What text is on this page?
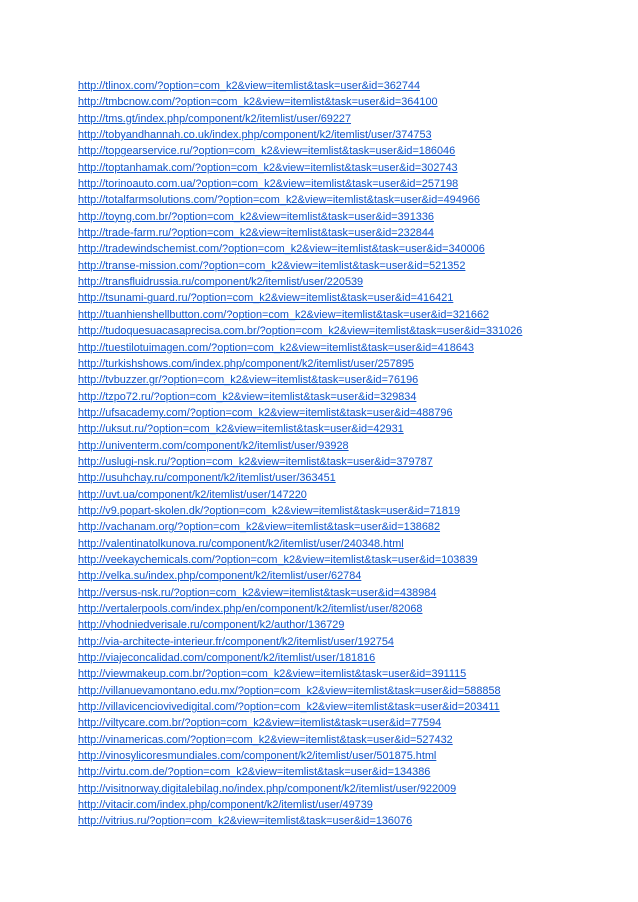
http://tlinox.com/?option=com_k2&view=itemlist&task=user&id=362744
http://tmbcnow.com/?option=com_k2&view=itemlist&task=user&id=364100
http://tms.gt/index.php/component/k2/itemlist/user/69227
http://tobyandhannah.co.uk/index.php/component/k2/itemlist/user/374753
http://topgearservice.ru/?option=com_k2&view=itemlist&task=user&id=186046
http://toptanhamak.com/?option=com_k2&view=itemlist&task=user&id=302743
http://torinoauto.com.ua/?option=com_k2&view=itemlist&task=user&id=257198
http://totalfarmsolutions.com/?option=com_k2&view=itemlist&task=user&id=494966
http://toyng.com.br/?option=com_k2&view=itemlist&task=user&id=391336
http://trade-farm.ru/?option=com_k2&view=itemlist&task=user&id=232844
http://tradewindschemist.com/?option=com_k2&view=itemlist&task=user&id=340006
http://transe-mission.com/?option=com_k2&view=itemlist&task=user&id=521352
http://transfluidrussia.ru/component/k2/itemlist/user/220539
http://tsunami-guard.ru/?option=com_k2&view=itemlist&task=user&id=416421
http://tuanhienshellbutton.com/?option=com_k2&view=itemlist&task=user&id=321662
http://tudoquesuacasaprecisa.com.br/?option=com_k2&view=itemlist&task=user&id=331026
http://tuestilotuimagen.com/?option=com_k2&view=itemlist&task=user&id=418643
http://turkishshows.com/index.php/component/k2/itemlist/user/257895
http://tvbuzzer.gr/?option=com_k2&view=itemlist&task=user&id=76196
http://tzpo72.ru/?option=com_k2&view=itemlist&task=user&id=329834
http://ufsacademy.com/?option=com_k2&view=itemlist&task=user&id=488796
http://uksut.ru/?option=com_k2&view=itemlist&task=user&id=42931
http://univenterm.com/component/k2/itemlist/user/93928
http://uslugi-nsk.ru/?option=com_k2&view=itemlist&task=user&id=379787
http://usuhchay.ru/component/k2/itemlist/user/363451
http://uvt.ua/component/k2/itemlist/user/147220
http://v9.popart-skolen.dk/?option=com_k2&view=itemlist&task=user&id=71819
http://vachanam.org/?option=com_k2&view=itemlist&task=user&id=138682
http://valentinatolkunova.ru/component/k2/itemlist/user/240348.html
http://veekaychemicals.com/?option=com_k2&view=itemlist&task=user&id=103839
http://velka.su/index.php/component/k2/itemlist/user/62784
http://versus-nsk.ru/?option=com_k2&view=itemlist&task=user&id=438984
http://vertalerpools.com/index.php/en/component/k2/itemlist/user/82068
http://vhodniedverisale.ru/component/k2/author/136729
http://via-architecte-interieur.fr/component/k2/itemlist/user/192754
http://viajeconcalidad.com/component/k2/itemlist/user/181816
http://viewmakeup.com.br/?option=com_k2&view=itemlist&task=user&id=391115
http://villanuevamontano.edu.mx/?option=com_k2&view=itemlist&task=user&id=588858
http://villavicenciovivedigital.com/?option=com_k2&view=itemlist&task=user&id=203411
http://viltycare.com.br/?option=com_k2&view=itemlist&task=user&id=77594
http://vinamericas.com/?option=com_k2&view=itemlist&task=user&id=527432
http://vinosylicoresmundiales.com/component/k2/itemlist/user/501875.html
http://virtu.com.de/?option=com_k2&view=itemlist&task=user&id=134386
http://visitnorway.digitalebilag.no/index.php/component/k2/itemlist/user/922009
http://vitacir.com/index.php/component/k2/itemlist/user/49739
http://vitrius.ru/?option=com_k2&view=itemlist&task=user&id=136076
